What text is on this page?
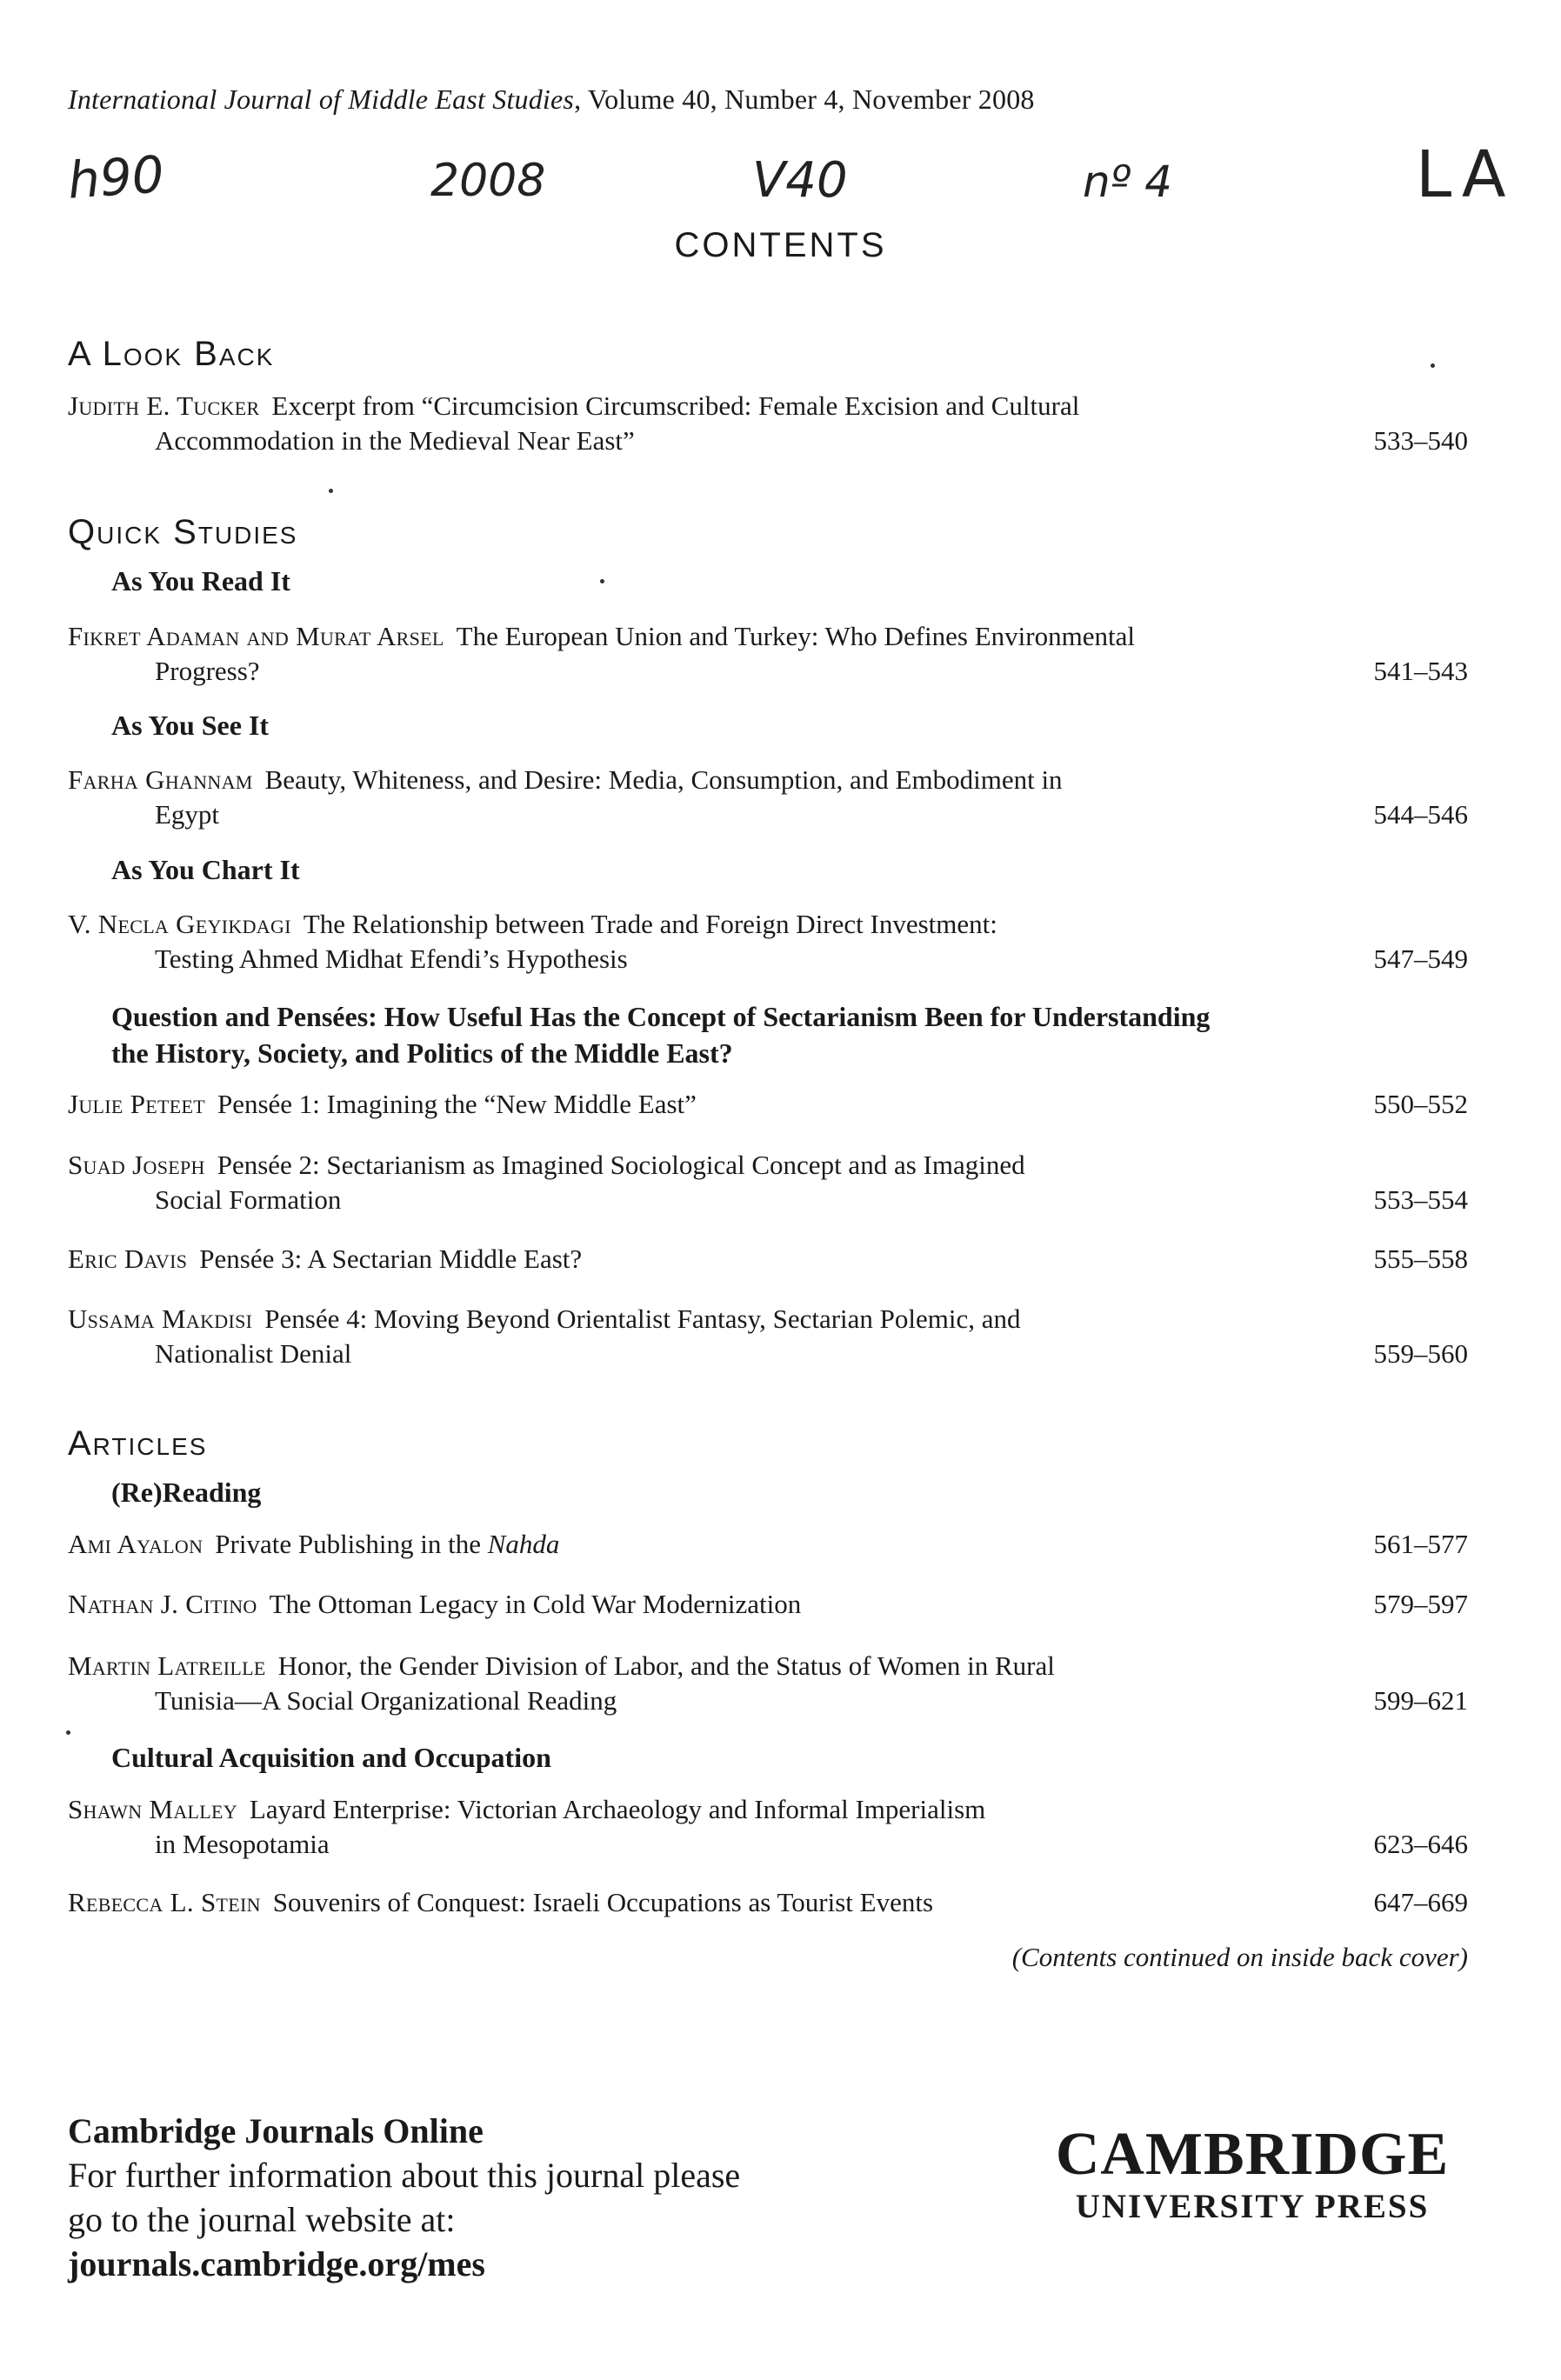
International Journal of Middle East Studies, Volume 40, Number 4, November 2008
ℎ90	2008	V40	nº 4	LA
CONTENTS
A Look Back
Judith E. Tucker Excerpt from “Circumcision Circumscribed: Female Excision and Cultural
Accommodation in the Medieval Near East”	533–540
Quick Studies
As You Read It
Fikret Adaman and Murat Arsel The European Union and Turkey: Who Defines Environmental
Progress?	541–543
As You See It
Farha Ghannam Beauty, Whiteness, and Desire: Media, Consumption, and Embodiment in
Egypt	544–546
As You Chart It
V. Necla Geyikdagi The Relationship between Trade and Foreign Direct Investment:
Testing Ahmed Midhat Efendi’s Hypothesis	547–549
Question and Pensées: How Useful Has the Concept of Sectarianism Been for Understanding the History, Society, and Politics of the Middle East?
Julie Peteet Pensée 1: Imagining the “New Middle East”	550–552
Suad Joseph Pensée 2: Sectarianism as Imagined Sociological Concept and as Imagined
Social Formation	553–554
Eric Davis Pensée 3: A Sectarian Middle East?	555–558
Ussama Makdisi Pensée 4: Moving Beyond Orientalist Fantasy, Sectarian Polemic, and
Nationalist Denial	559–560
Articles
(Re)Reading
Ami Ayalon Private Publishing in the Nahda	561–577
Nathan J. Citino The Ottoman Legacy in Cold War Modernization	579–597
Martin Latreille Honor, the Gender Division of Labor, and the Status of Women in Rural
Tunisia—A Social Organizational Reading	599–621
Cultural Acquisition and Occupation
Shawn Malley Layard Enterprise: Victorian Archaeology and Informal Imperialism
in Mesopotamia	623–646
Rebecca L. Stein Souvenirs of Conquest: Israeli Occupations as Tourist Events	647–669
(Contents continued on inside back cover)
Cambridge Journals Online
For further information about this journal please
go to the journal website at:
journals.cambridge.org/mes
CAMBRIDGE
UNIVERSITY PRESS
